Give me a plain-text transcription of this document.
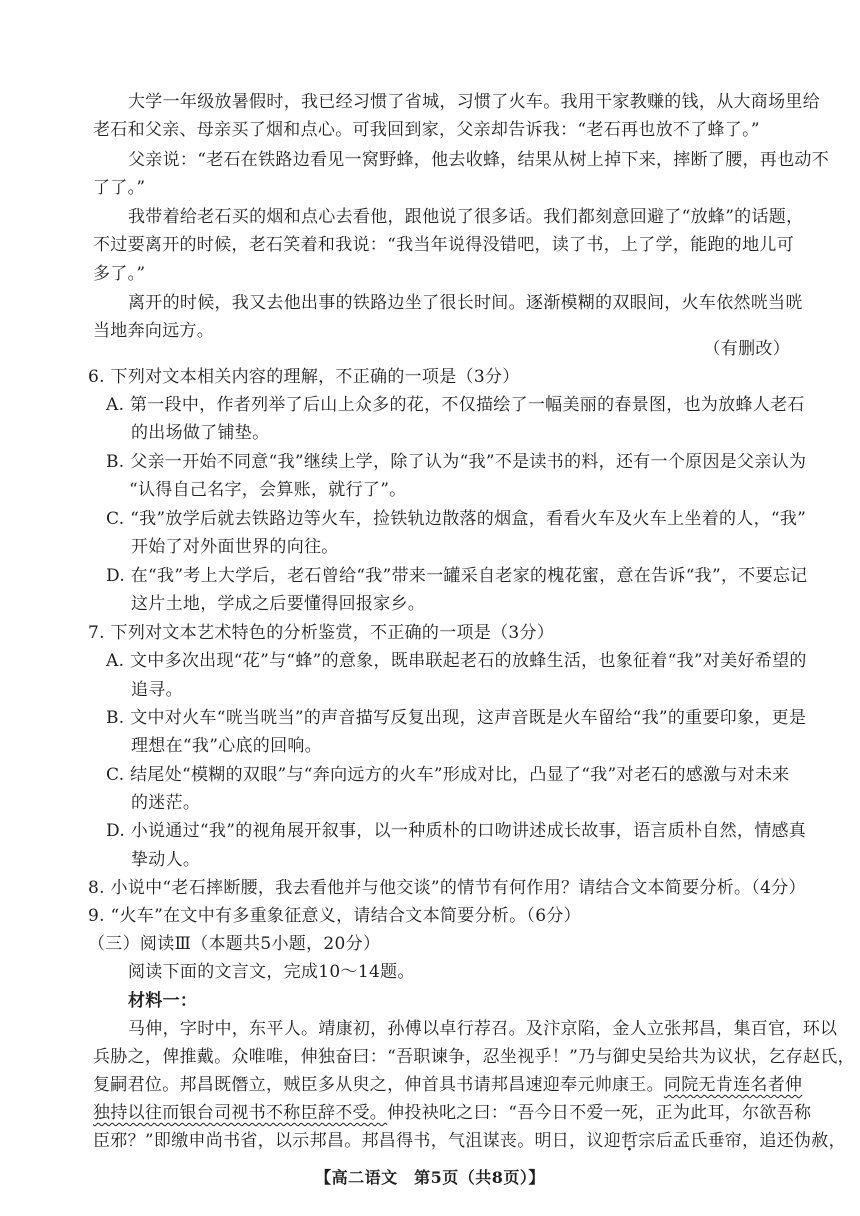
大学一年级放暑假时，我已经习惯了省城，习惯了火车。我用干家教赚的钱，从大商场里给
老石和父亲、母亲买了烟和点心。可我回到家，父亲却告诉我：“老石再也放不了蜂了。”
父亲说：“老石在铁路边看见一窝野蜂，他去收蜂，结果从树上掉下来，摔断了腰，再也动不
了了。”
我带着给老石买的烟和点心去看他，跟他说了很多话。我们都刻意回避了“放蜂”的话题，
不过要离开的时候，老石笑着和我说：“我当年说得没错吧，读了书，上了学，能跑的地儿可
多了。”
离开的时候，我又去他出事的铁路边坐了很长时间。逐渐模糊的双眼间，火车依然咣当咣
当地奔向远方。
（有删改）
6. 下列对文本相关内容的理解，不正确的一项是（3分）
A. 第一段中，作者列举了后山上众多的花，不仅描绘了一幅美丽的春景图，也为放蜂人老石
的出场做了铺垫。
B. 父亲一开始不同意“我”继续上学，除了认为“我”不是读书的料，还有一个原因是父亲认为
“认得自己名字，会算账，就行了”。
C. “我”放学后就去铁路边等火车，捡铁轨边散落的烟盒，看看火车及火车上坐着的人，“我”
开始了对外面世界的向往。
D. 在“我”考上大学后，老石曾给“我”带来一罐采自老家的槐花蜜，意在告诉“我”，不要忘记
这片土地，学成之后要懂得回报家乡。
7. 下列对文本艺术特色的分析鉴赏，不正确的一项是（3分）
A. 文中多次出现“花”与“蜂”的意象，既串联起老石的放蜂生活，也象征着“我”对美好希望的
追寻。
B. 文中对火车“咣当咣当”的声音描写反复出现，这声音既是火车留给“我”的重要印象，更是
理想在“我”心底的回响。
C. 结尾处“模糊的双眼”与“奔向远方的火车”形成对比，凸显了“我”对老石的感激与对未来
的迷茫。
D. 小说通过“我”的视角展开叙事，以一种质朴的口吻讲述成长故事，语言质朴自然，情感真
挚动人。
8. 小说中“老石摔断腰，我去看他并与他交谈”的情节有何作用？请结合文本简要分析。（4分）
9. “火车”在文中有多重象征意义，请结合文本简要分析。（6分）
（三）阅读Ⅲ（本题共5小题，20分）
阅读下面的文言文，完成10～14题。
材料一：
马伸，字时中，东平人。靖康初，孙傅以卓行荐召。及汴京陷，金人立张邦昌，集百官，环以
兵胁之，俾推戴。众唯唯，伸独奋曰：“吾职谏争，忍坐视乎！”乃与御史吴给共为议状，乞存赵氏，
复嗣君位。邦昌既僭立，贼臣多从臾之，伸首具书请邦昌速迎奉元帅康王。同院无肯连名者伸
独持以往而银台司视书不称臣辞不受。伸投袂叱之曰：“吾今日不爱一死，正为此耳，尔欲吾称
臣邪？”即缴申尚书省，以示邦昌。邦昌得书，气沮谋丧。明日，议迎哲宗后孟氏垂帘，追还伪赦，
【高二语文　第5页（共8页）】
